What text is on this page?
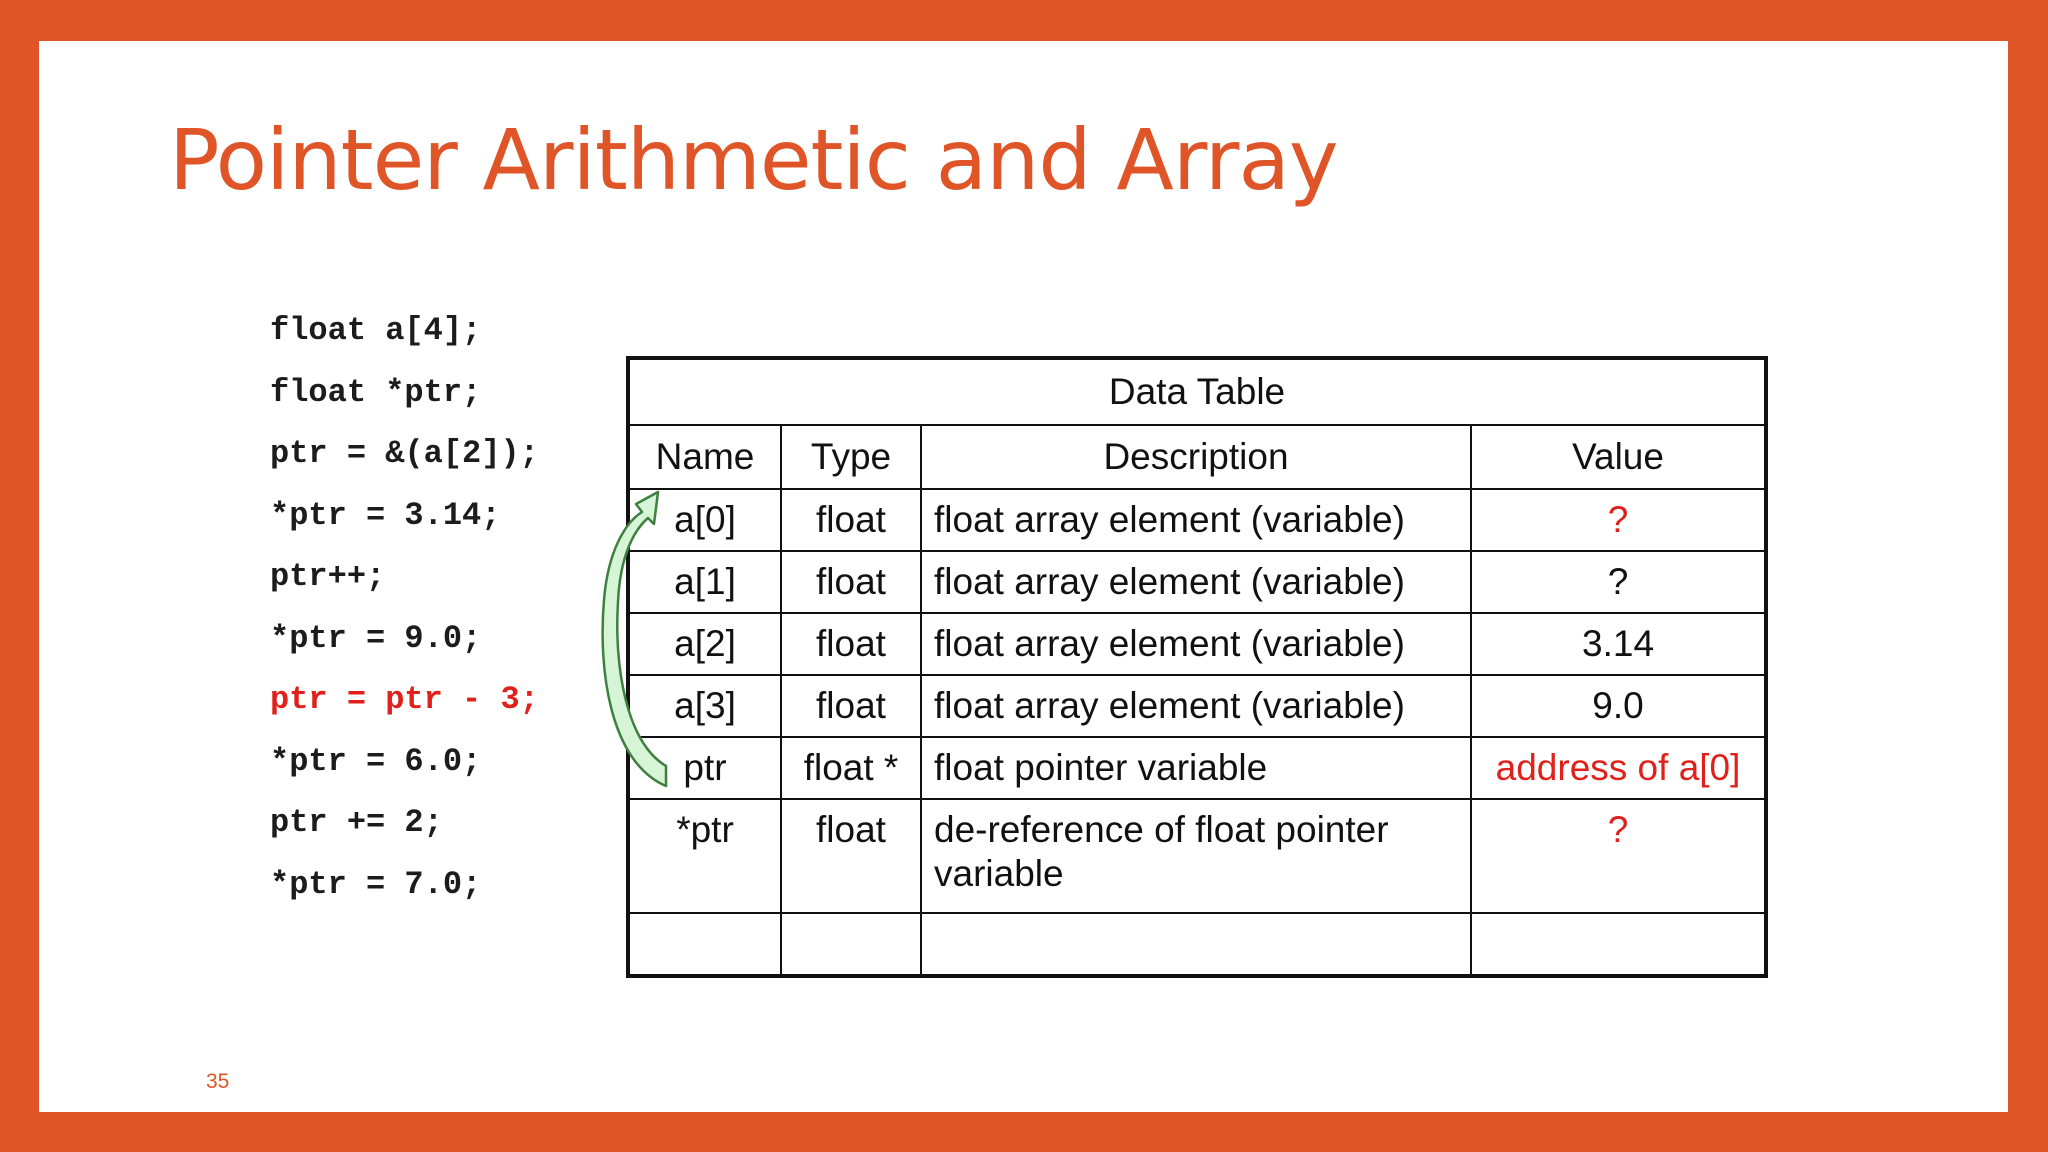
Pointer Arithmetic and Array
float a[4];
float *ptr;
ptr = &(a[2]);
*ptr = 3.14;
ptr++;
*ptr = 9.0;
ptr = ptr - 3;
*ptr = 6.0;
ptr += 2;
*ptr = 7.0;
Data Table			
Name	Type	Description	Value
a[0]	float	float array element (variable)	?
a[1]	float	float array element (variable)	?
a[2]	float	float array element (variable)	3.14
a[3]	float	float array element (variable)	9.0
ptr	float *	float pointer variable	address of a[0]
*ptr	float	de-reference of float pointer variable	?

35
